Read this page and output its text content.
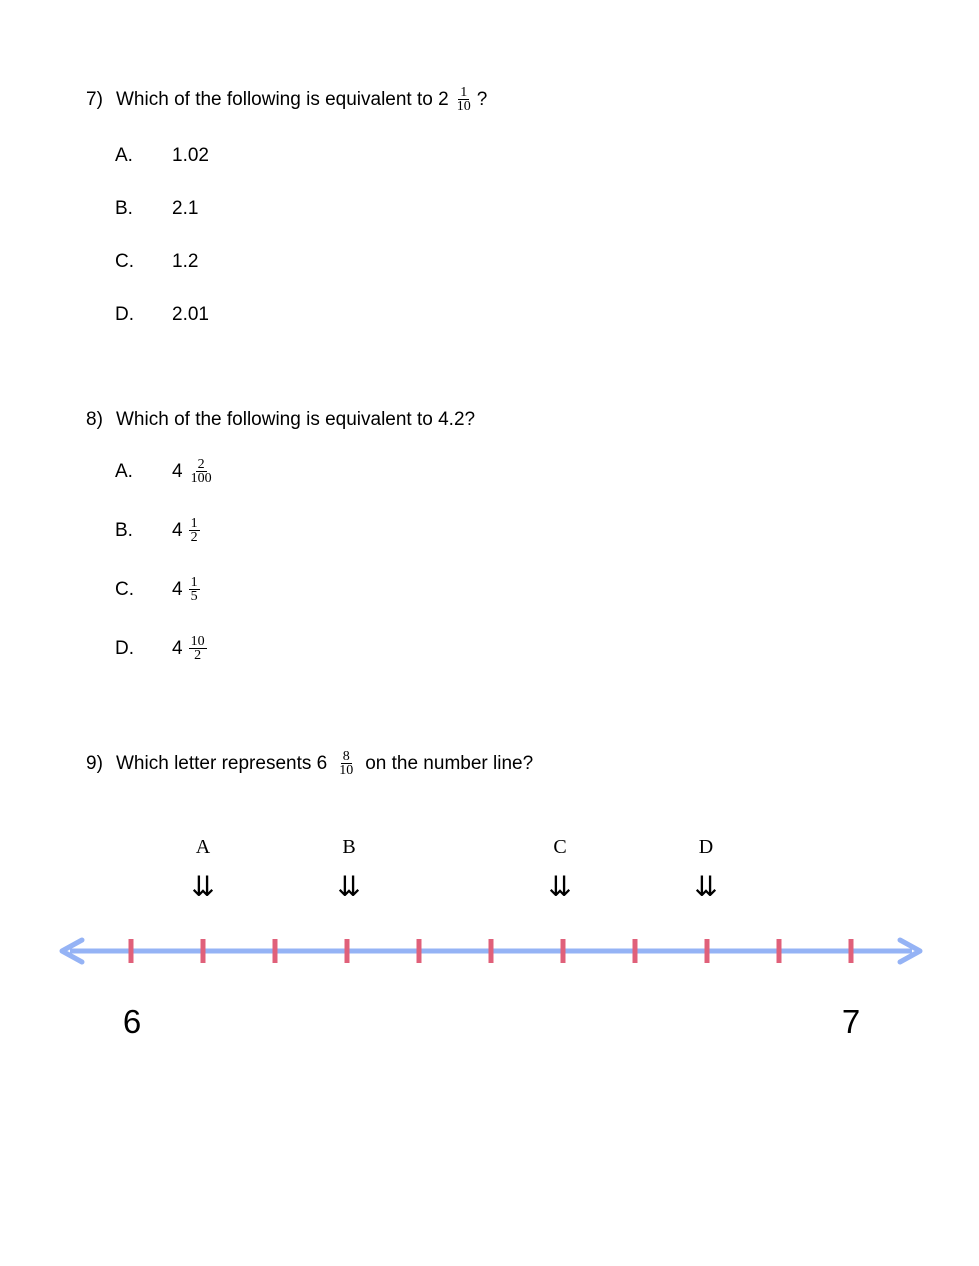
7) Which of the following is equivalent to $2 \frac{1}{10}$ ?
A.	1.02
B.	2.1
C.	1.2
D.	2.01
8) Which of the following is equivalent to 4.2?
A.	$4 \frac{2}{100}$
B.	$4 \frac{1}{2}$
C.	$4 \frac{1}{5}$
D.	$4 \frac{10}{2}$
9) Which letter represents $6 \frac{8}{10}$ on the number line?
A
⇊
B
⇊
C
⇊
D
⇊
6	7
